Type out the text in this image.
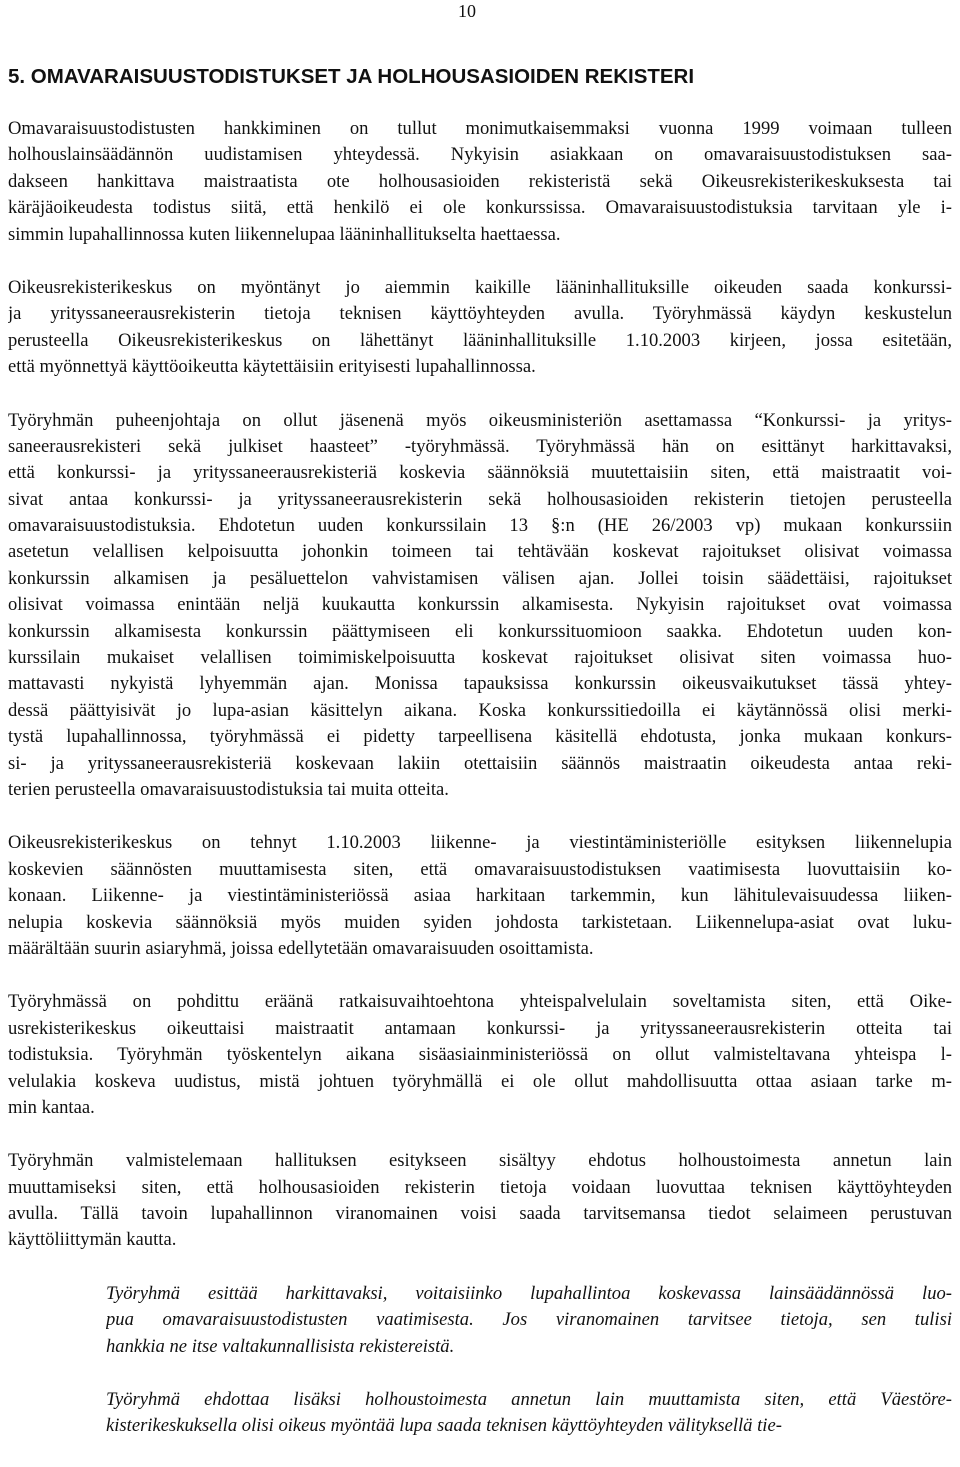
10
5. OMAVARAISUUSTODISTUKSET JA HOLHOUSASIOIDEN REKISTERI
Omavaraisuustodistusten hankkiminen on tullut monimutkaisemmaksi vuonna 1999 voimaan tulleen
holhouslainsäädännön uudistamisen yhteydessä. Nykyisin asiakkaan on omavaraisuustodistuksen saa-
dakseen hankittava maistraatista ote holhousasioiden rekisteristä sekä Oikeusrekisterikeskuksesta tai
käräjäoikeudesta todistus siitä, että henkilö ei ole konkurssissa. Omavaraisuustodistuksia tarvitaan yle i-
simmin lupahallinnossa kuten liikennelupaa lääninhallitukselta haettaessa.
Oikeusrekisterikeskus on myöntänyt jo aiemmin kaikille lääninhallituksille oikeuden saada konkurssi-
ja yrityssaneerausrekisterin tietoja teknisen käyttöyhteyden avulla. Työryhmässä käydyn keskustelun
perusteella Oikeusrekisterikeskus on lähettänyt lääninhallituksille 1.10.2003 kirjeen, jossa esitetään,
että myönnettyä käyttöoikeutta käytettäisiin erityisesti lupahallinnossa.
Työryhmän puheenjohtaja on ollut jäsenenä myös oikeusministeriön asettamassa “Konkurssi- ja yritys-
saneerausrekisteri sekä julkiset haasteet” -työryhmässä. Työryhmässä hän on esittänyt harkittavaksi,
että konkurssi- ja yrityssaneerausrekisteriä koskevia säännöksiä muutettaisiin siten, että maistraatit voi-
sivat antaa konkurssi- ja yrityssaneerausrekisterin sekä holhousasioiden rekisterin tietojen perusteella
omavaraisuustodistuksia. Ehdotetun uuden konkurssilain 13 §:n (HE 26/2003 vp) mukaan konkurssiin
asetetun velallisen kelpoisuutta johonkin toimeen tai tehtävään koskevat rajoitukset olisivat voimassa
konkurssin alkamisen ja pesäluettelon vahvistamisen välisen ajan. Jollei toisin säädettäisi, rajoitukset
olisivat voimassa enintään neljä kuukautta konkurssin alkamisesta. Nykyisin rajoitukset ovat voimassa
konkurssin alkamisesta konkurssin päättymiseen eli konkurssituomioon saakka. Ehdotetun uuden kon-
kurssilain mukaiset velallisen toimimiskelpoisuutta koskevat rajoitukset olisivat siten voimassa huo-
mattavasti nykyistä lyhyemmän ajan. Monissa tapauksissa konkurssin oikeusvaikutukset tässä yhtey-
dessä päättyisivät jo lupa-asian käsittelyn aikana. Koska konkurssitiedoilla ei käytännössä olisi merki-
tystä lupahallinnossa, työryhmässä ei pidetty tarpeellisena käsitellä ehdotusta, jonka mukaan konkurs-
si- ja yrityssaneerausrekisteriä koskevaan lakiin otettaisiin säännös maistraatin oikeudesta antaa reki-
terien perusteella omavaraisuustodistuksia tai muita otteita.
Oikeusrekisterikeskus on tehnyt 1.10.2003 liikenne- ja viestintäministeriölle esityksen liikennelupia
koskevien säännösten muuttamisesta siten, että omavaraisuustodistuksen vaatimisesta luovuttaisiin ko-
konaan. Liikenne- ja viestintäministeriössä asiaa harkitaan tarkemmin, kun lähitulevaisuudessa liiken-
nelupia koskevia säännöksiä myös muiden syiden johdosta tarkistetaan. Liikennelupa-asiat ovat luku-
määrältään suurin asiaryhmä, joissa edellytetään omavaraisuuden osoittamista.
Työryhmässä on pohdittu eräänä ratkaisuvaihtoehtona yhteispalvelulain soveltamista siten, että Oike-
usrekisterikeskus oikeuttaisi maistraatit antamaan konkurssi- ja yrityssaneerausrekisterin otteita tai
todistuksia. Työryhmän työskentelyn aikana sisäasiainministeriössä on ollut valmisteltavana yhteispa l-
velulakia koskeva uudistus, mistä johtuen työryhmällä ei ole ollut mahdollisuutta ottaa asiaan tarke m-
min kantaa.
Työryhmän valmistelemaan hallituksen esitykseen sisältyy ehdotus holhoustoimesta annetun lain
muuttamiseksi siten, että holhousasioiden rekisterin tietoja voidaan luovuttaa teknisen käyttöyhteyden
avulla. Tällä tavoin lupahallinnon viranomainen voisi saada tarvitsemansa tiedot selaimeen perustuvan
käyttöliittymän kautta.
Työryhmä esittää harkittavaksi, voitaisiinko lupahallintoa koskevassa lainsäädännössä luo-
pua omavaraisuustodistusten vaatimisesta. Jos viranomainen tarvitsee tietoja, sen tulisi
hankkia ne itse valtakunnallisista rekistereistä.
Työryhmä ehdottaa lisäksi holhoustoimesta annetun lain muuttamista siten, että Väestöre-
kisterikeskuksella olisi oikeus myöntää lupa saada teknisen käyttöyhteyden välityksellä tie-
